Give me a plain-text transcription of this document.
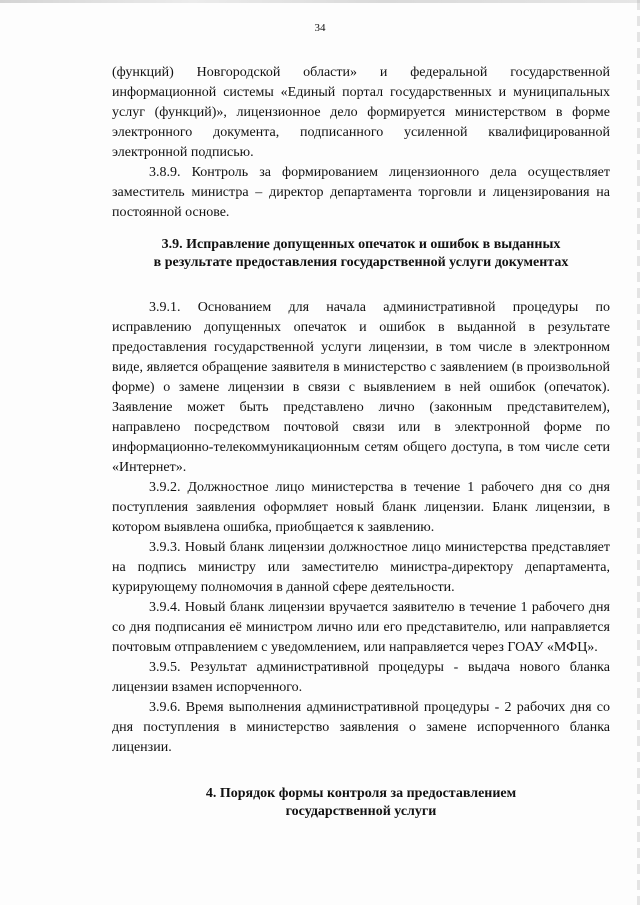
34

(функций) Новгородской области» и федеральной государственной информационной системы «Единый портал государственных и муниципальных услуг (функций)», лицензионное дело формируется министерством в форме электронного документа, подписанного усиленной квалифицированной электронной подписью.

3.8.9. Контроль за формированием лицензионного дела осуществляет заместитель министра – директор департамента торговли и лицензирования на постоянной основе.

3.9. Исправление допущенных опечаток и ошибок в выданных
в результате предоставления государственной услуги документах

3.9.1. Основанием для начала административной процедуры по исправлению допущенных опечаток и ошибок в выданной в результате предоставления государственной услуги лицензии, в том числе в электронном виде, является обращение заявителя в министерство с заявлением (в произвольной форме) о замене лицензии в связи с выявлением в ней ошибок (опечаток). Заявление может быть представлено лично (законным представителем), направлено посредством почтовой связи или в электронной форме по информационно-телекоммуникационным сетям общего доступа, в том числе сети «Интернет».

3.9.2. Должностное лицо министерства в течение 1 рабочего дня со дня поступления заявления оформляет новый бланк лицензии. Бланк лицензии, в котором выявлена ошибка, приобщается к заявлению.

3.9.3. Новый бланк лицензии должностное лицо министерства представляет на подпись министру или заместителю министра-директору департамента, курирующему полномочия в данной сфере деятельности.

3.9.4. Новый бланк лицензии вручается заявителю в течение 1 рабочего дня со дня подписания её министром лично или его представителю, или направляется почтовым отправлением с уведомлением, или направляется через ГОАУ «МФЦ».

3.9.5. Результат административной процедуры - выдача нового бланка лицензии взамен испорченного.

3.9.6. Время выполнения административной процедуры - 2 рабочих дня со дня поступления в министерство заявления о замене испорченного бланка лицензии.

4. Порядок формы контроля за предоставлением
государственной услуги
